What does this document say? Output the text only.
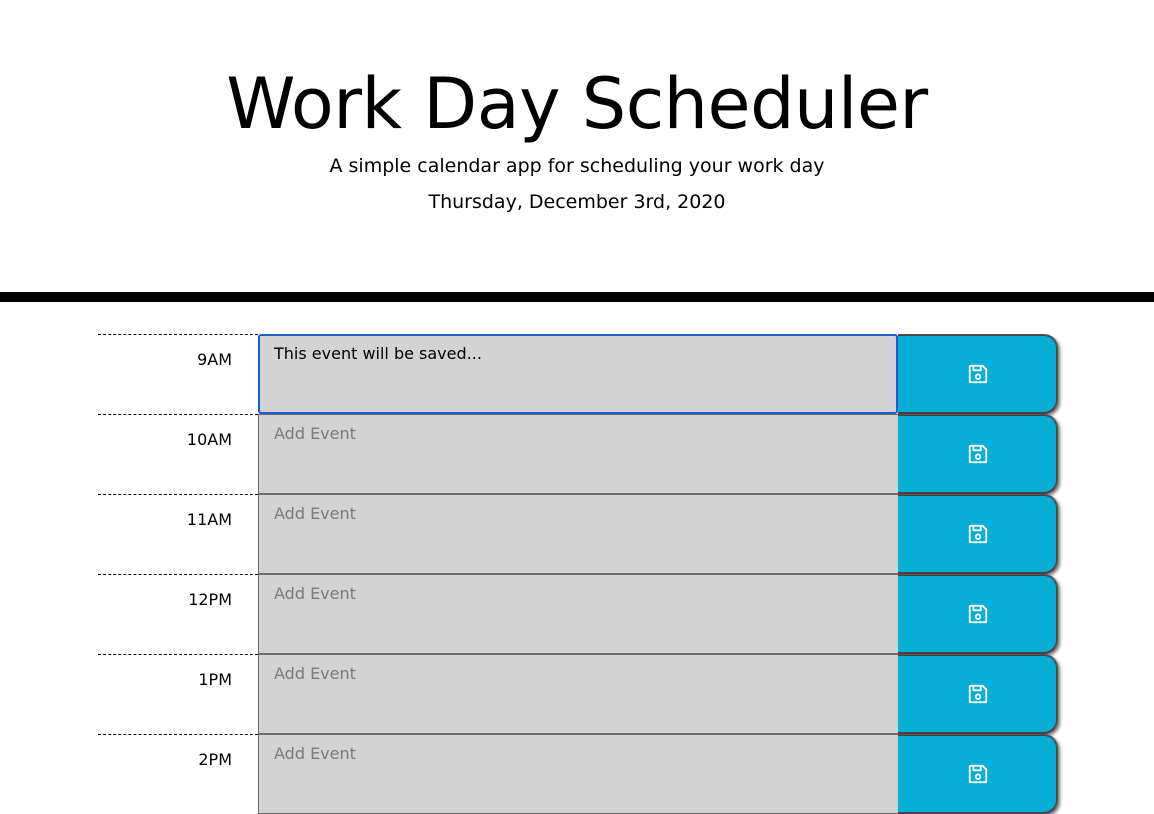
Work Day Scheduler

A simple calendar app for scheduling your work day

Thursday, December 3rd, 2020

9AM
This event will be saved...
10AM
Add Event
11AM
Add Event
12PM
Add Event
1PM
Add Event
2PM
Add Event
